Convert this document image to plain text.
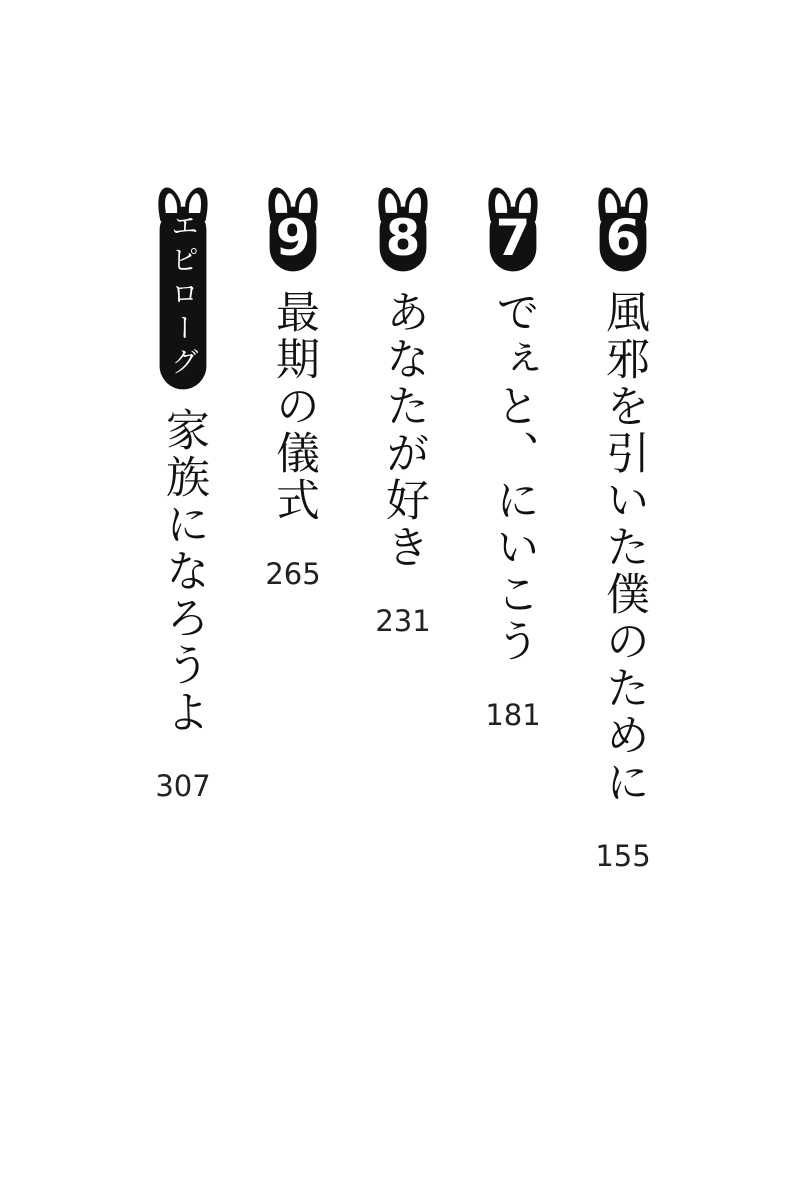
6
風邪を引いた僕のために
155
7
でぇと、にいこう
181
8
あなたが好き
231
9
最期の儀式
265
エピローグ
家族になろうよ
307
